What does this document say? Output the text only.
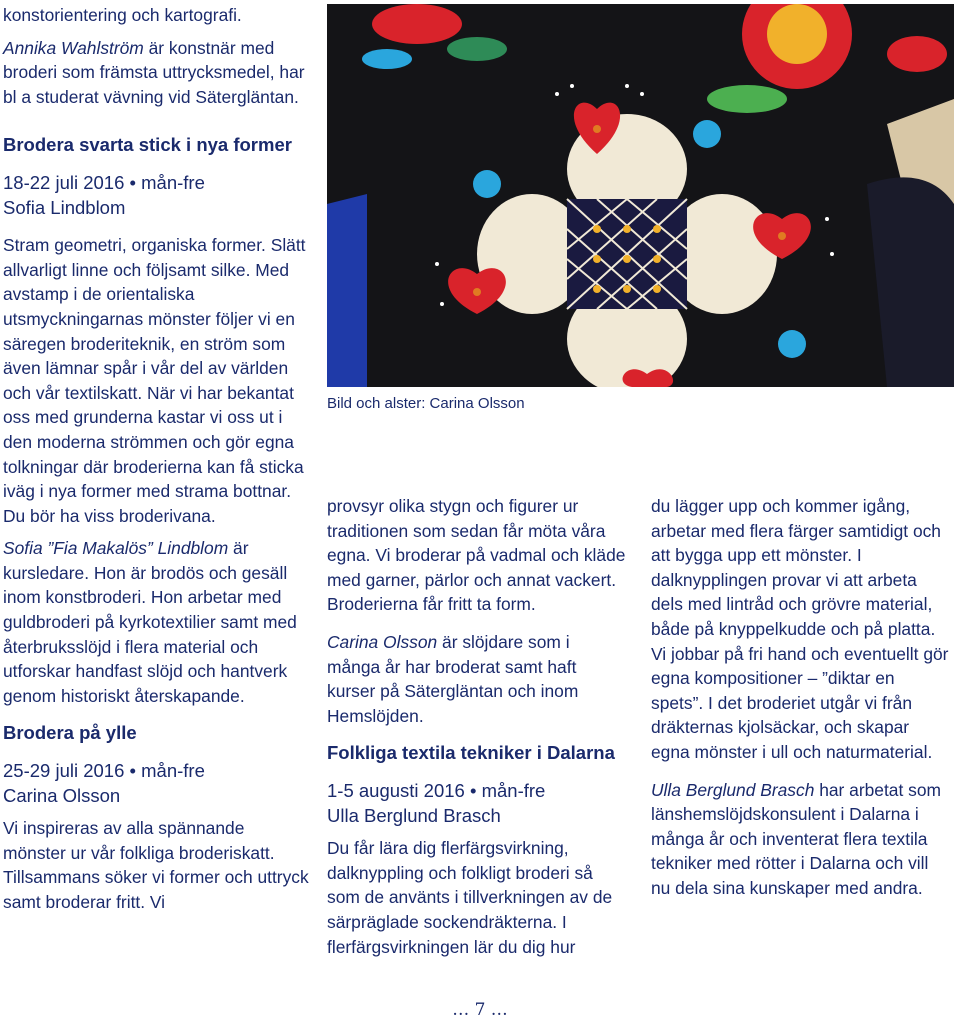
konstorientering och kartografi.

Annika Wahlström är konstnär med broderi som främsta uttrycksmedel, har bl a studerat vävning vid Sätergläntan.

Brodera svarta stick i nya former

18-22 juli 2016 • mån-fre

Sofia Lindblom

Stram geometri, organiska former. Slätt allvarligt linne och följsamt silke. Med avstamp i de orientaliska utsmyckningarnas mönster följer vi en säregen broderiteknik, en ström som även lämnar spår i vår del av världen och vår textilskatt. När vi har bekantat oss med grunderna kastar vi oss ut i den moderna strömmen och gör egna tolkningar där broderierna kan få sticka iväg i nya former med strama bottnar. Du bör ha viss broderivana.

Sofia ”Fia Makalös” Lindblom är kursledare. Hon är brodös och gesäll inom konstbroderi. Hon arbetar med guldbroderi på kyrkotextilier samt med återbruksslöjd i flera material och utforskar handfast slöjd och hantverk genom historiskt återskapande.

Brodera på ylle

25-29 juli 2016 • mån-fre

Carina Olsson

Vi inspireras av alla spännande mönster ur vår folkliga broderiskatt. Tillsammans söker vi former och uttryck samt broderar fritt. Vi

Bild och alster: Carina Olsson

provsyr olika stygn och figurer ur traditionen som sedan får möta våra egna. Vi broderar på vadmal och kläde med garner, pärlor och annat vackert. Broderierna får fritt ta form.

Carina Olsson är slöjdare som i många år har broderat samt haft kurser på Sätergläntan och inom Hemslöjden.

Folkliga textila tekniker i Dalarna

1-5 augusti 2016 • mån-fre

Ulla Berglund Brasch

Du får lära dig flerfärgsvirkning, dalknyppling och folkligt broderi så som de använts i tillverkningen av de särpräglade sockendräkterna. I flerfärgsvirkningen lär du dig hur

du lägger upp och kommer igång, arbetar med flera färger samtidigt och att bygga upp ett mönster. I dalknypplingen provar vi att arbeta dels med lintråd och grövre material, både på knyppelkudde och på platta. Vi jobbar på fri hand och eventuellt gör egna kompositioner – ”diktar en spets”. I det broderiet utgår vi från dräkternas kjolsäckar, och skapar egna mönster i ull och naturmaterial.

Ulla Berglund Brasch har arbetat som länshemslöjdskonsulent i Dalarna i många år och inventerat flera textila tekniker med rötter i Dalarna och vill nu dela sina kunskaper med andra.

… 7 …
